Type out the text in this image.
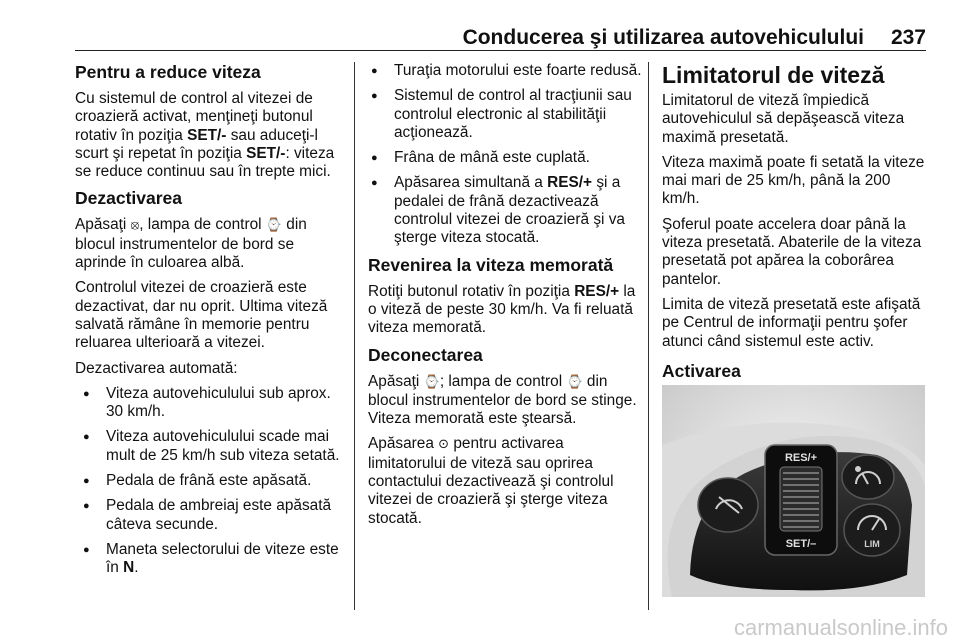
Conducerea şi utilizarea autovehiculului 237
Pentru a reduce viteza

Cu sistemul de control al vitezei de croazieră activat, menţineţi butonul rotativ în poziţia SET/- sau aduceţi-l scurt şi repetat în poziţia SET/-: viteza se reduce continuu sau în trepte mici.

Dezactivarea

Apăsaţi ⦻, lampa de control ⌚ din blocul instrumentelor de bord se aprinde în culoarea albă.

Controlul vitezei de croazieră este dezactivat, dar nu oprit. Ultima viteză salvată rămâne în memorie pentru reluarea ulterioară a vitezei.

Dezactivarea automată:

● Viteza autovehiculului sub aprox. 30 km/h.
● Viteza autovehiculului scade mai mult de 25 km/h sub viteza setată.
● Pedala de frână este apăsată.
● Pedala de ambreiaj este apăsată câteva secunde.
● Maneta selectorului de viteze este în N.
● Turaţia motorului este foarte redusă.
● Sistemul de control al tracţiunii sau controlul electronic al stabilităţii acţionează.
● Frâna de mână este cuplată.
● Apăsarea simultană a RES/+ şi a pedalei de frână dezactivează controlul vitezei de croazieră şi va şterge viteza stocată.
Revenirea la viteza memorată

Rotiţi butonul rotativ în poziţia RES/+ la o viteză de peste 30 km/h. Va fi reluată viteza memorată.

Deconectarea

Apăsaţi ⌚; lampa de control ⌚ din blocul instrumentelor de bord se stinge. Viteza memorată este ştearsă.

Apăsarea ⊙ pentru activarea limitatorului de viteză sau oprirea contactului dezactivează şi controlul vitezei de croazieră şi şterge viteza stocată.

Limitatorul de viteză

Limitatorul de viteză împiedică autovehiculul să depăşească viteza maximă presetată.

Viteza maximă poate fi setată la viteze mai mari de 25 km/h, până la 200 km/h.

Şoferul poate accelera doar până la viteza presetată. Abaterile de la viteza presetată pot apărea la coborârea pantelor.

Limita de viteză presetată este afişată pe Centrul de informaţii pentru şofer atunci când sistemul este activ.

Activarea
RES/+
SET/–	LIM
carmanualsonline.info
